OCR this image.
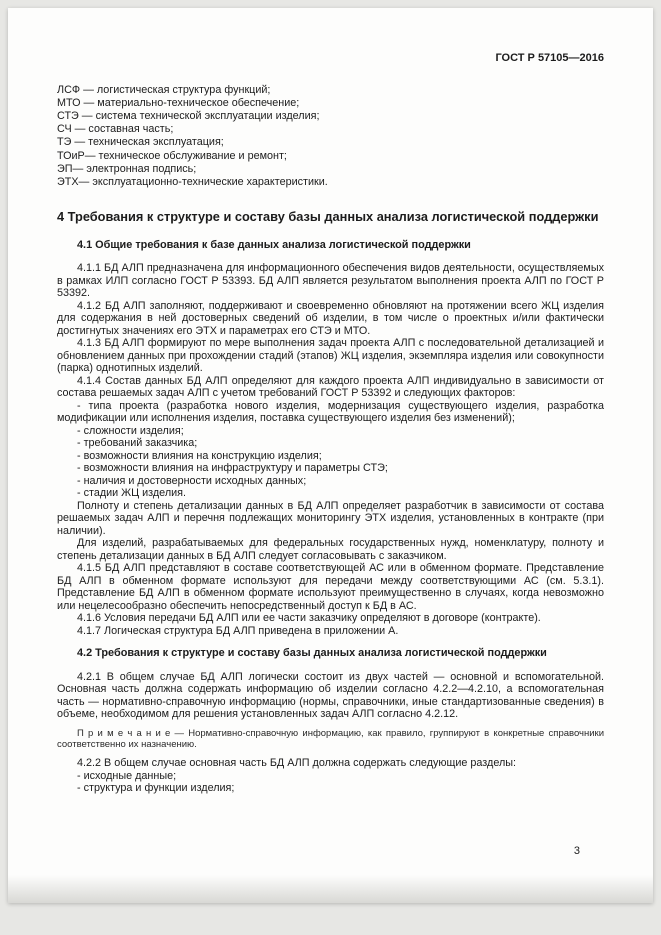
ГОСТ Р 57105—2016

ЛСФ — логистическая структура функций;

МТО — материально-техническое обеспечение;

СТЭ — система технической эксплуатации изделия;

СЧ — составная часть;

ТЭ — техническая эксплуатация;

ТОиР— техническое обслуживание и ремонт;

ЭП— электронная подпись;

ЭТХ— эксплуатационно-технические характеристики.

4 Требования к структуре и составу базы данных анализа логистической поддержки

4.1 Общие требования к базе данных анализа логистической поддержки

4.1.1 БД АЛП предназначена для информационного обеспечения видов деятельности, осуществляемых в рамках ИЛП согласно ГОСТ Р 53393. БД АЛП является результатом выполнения проекта АЛП по ГОСТ Р 53392.

4.1.2 БД АЛП заполняют, поддерживают и своевременно обновляют на протяжении всего ЖЦ изделия для содержания в ней достоверных сведений об изделии, в том числе о проектных и/или фактически достигнутых значениях его ЭТХ и параметрах его СТЭ и МТО.

4.1.3 БД АЛП формируют по мере выполнения задач проекта АЛП с последовательной детализацией и обновлением данных при прохождении стадий (этапов) ЖЦ изделия, экземпляра изделия или совокупности (парка) однотипных изделий.

4.1.4 Состав данных БД АЛП определяют для каждого проекта АЛП индивидуально в зависимости от состава решаемых задач АЛП с учетом требований ГОСТ Р 53392 и следующих факторов:

- типа проекта (разработка нового изделия, модернизация существующего изделия, разработка модификации или исполнения изделия, поставка существующего изделия без изменений);

- сложности изделия;

- требований заказчика;

- возможности влияния на конструкцию изделия;

- возможности влияния на инфраструктуру и параметры СТЭ;

- наличия и достоверности исходных данных;

- стадии ЖЦ изделия.

Полноту и степень детализации данных в БД АЛП определяет разработчик в зависимости от состава решаемых задач АЛП и перечня подлежащих мониторингу ЭТХ изделия, установленных в контракте (при наличии).

Для изделий, разрабатываемых для федеральных государственных нужд, номенклатуру, полноту и степень детализации данных в БД АЛП следует согласовывать с заказчиком.

4.1.5 БД АЛП представляют в составе соответствующей АС или в обменном формате. Представление БД АЛП в обменном формате используют для передачи между соответствующими АС (см. 5.3.1). Представление БД АЛП в обменном формате используют преимущественно в случаях, когда невозможно или нецелесообразно обеспечить непосредственный доступ к БД в АС.

4.1.6 Условия передачи БД АЛП или ее части заказчику определяют в договоре (контракте).

4.1.7 Логическая структура БД АЛП приведена в приложении А.

4.2 Требования к структуре и составу базы данных анализа логистической поддержки

4.2.1 В общем случае БД АЛП логически состоит из двух частей — основной и вспомогательной. Основная часть должна содержать информацию об изделии согласно 4.2.2—4.2.10, а вспомогательная часть — нормативно-справочную информацию (нормы, справочники, иные стандартизованные сведения) в объеме, необходимом для решения установленных задач АЛП согласно 4.2.12.

П р и м е ч а н и е — Нормативно-справочную информацию, как правило, группируют в конкретные справочники соответственно их назначению.

4.2.2 В общем случае основная часть БД АЛП должна содержать следующие разделы:

- исходные данные;

- структура и функции изделия;

3
